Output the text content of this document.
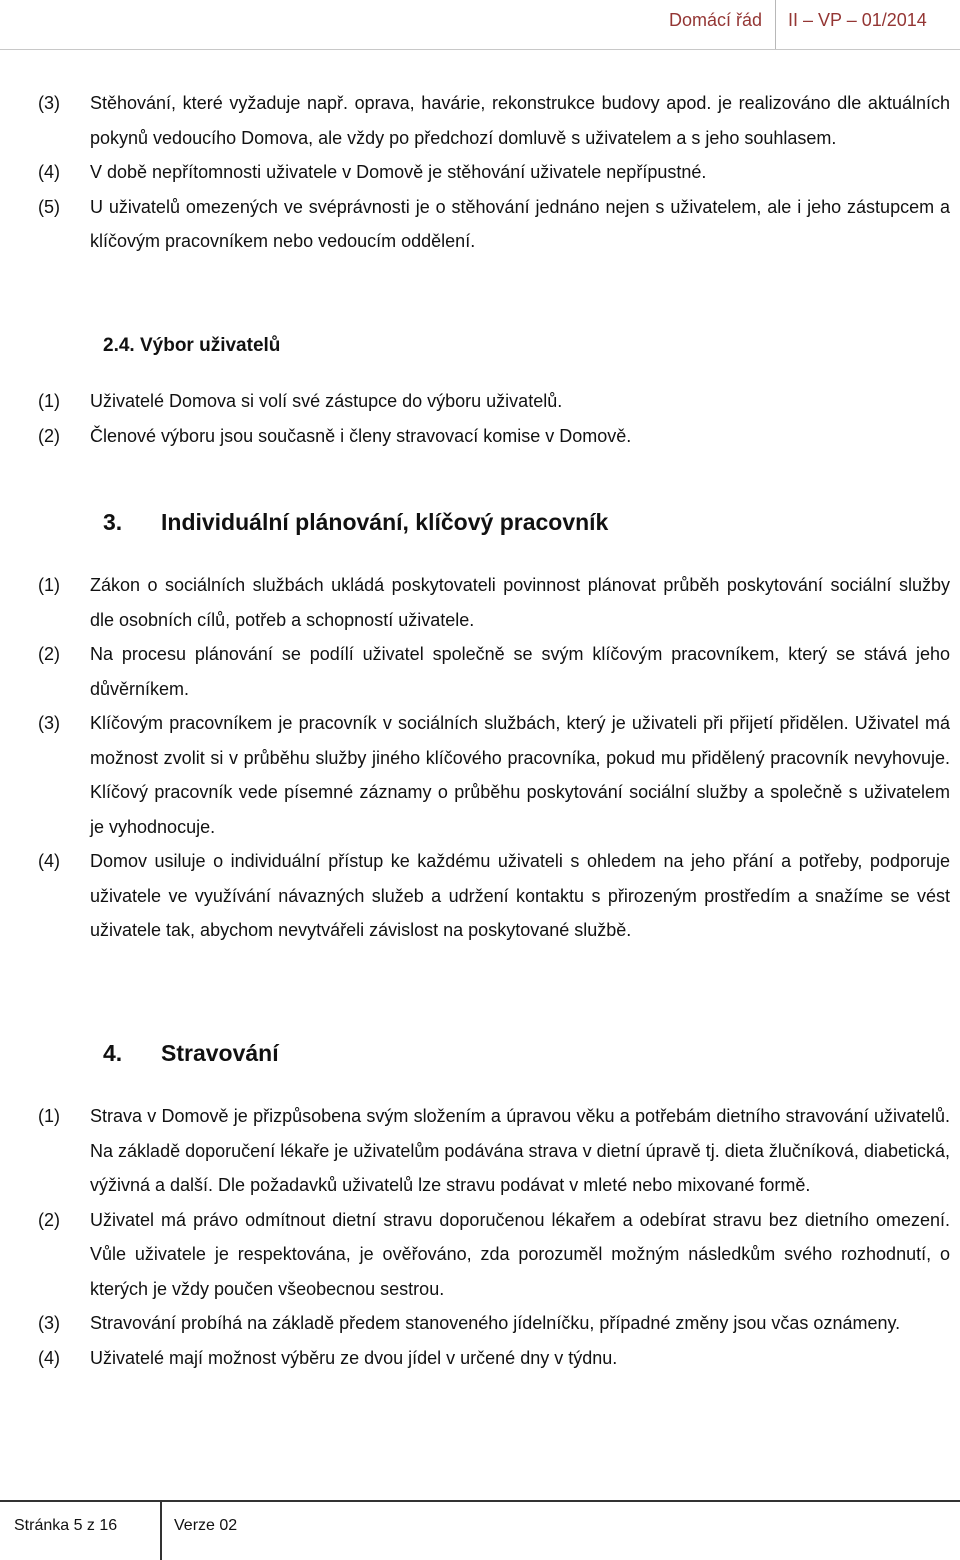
Domácí řád II – VP – 01/2014
(3)	Stěhování, které vyžaduje např. oprava, havárie, rekonstrukce budovy apod. je realizováno dle aktuálních pokynů vedoucího Domova, ale vždy po předchozí domluvě s uživatelem a s jeho souhlasem.
(4)	V době nepřítomnosti uživatele v Domově je stěhování uživatele nepřípustné.
(5)	U uživatelů omezených ve svéprávnosti je o stěhování jednáno nejen s uživatelem, ale i jeho zástupcem a klíčovým pracovníkem nebo vedoucím oddělení.
2.4. Výbor uživatelů
(1)	Uživatelé Domova si volí své zástupce do výboru uživatelů.
(2)	Členové výboru jsou současně i členy stravovací komise v Domově.
3.	Individuální plánování, klíčový pracovník
(1)	Zákon o sociálních službách ukládá poskytovateli povinnost plánovat průběh poskytování sociální služby dle osobních cílů, potřeb a schopností uživatele.
(2)	Na procesu plánování se podílí uživatel společně se svým klíčovým pracovníkem, který se stává jeho důvěrníkem.
(3)	Klíčovým pracovníkem je pracovník v sociálních službách, který je uživateli při přijetí přidělen. Uživatel má možnost zvolit si v průběhu služby jiného klíčového pracovníka, pokud mu přidělený pracovník nevyhovuje. Klíčový pracovník vede písemné záznamy o průběhu poskytování sociální služby a společně s uživatelem je vyhodnocuje.
(4)	Domov usiluje o individuální přístup ke každému uživateli s ohledem na jeho přání a potřeby, podporuje uživatele ve využívání návazných služeb a udržení kontaktu s přirozeným prostředím a snažíme se vést uživatele tak, abychom nevytvářeli závislost na poskytované službě.
4.	Stravování
(1)	Strava v Domově je přizpůsobena svým složením a úpravou věku a potřebám dietního stravování uživatelů. Na základě doporučení lékaře je uživatelům podávána strava v dietní úpravě tj. dieta žlučníková, diabetická, výživná a další. Dle požadavků uživatelů lze stravu podávat v mleté nebo mixované formě.
(2)	Uživatel má právo odmítnout dietní stravu doporučenou lékařem a odebírat stravu bez dietního omezení. Vůle uživatele je respektována, je ověřováno, zda porozuměl možným následkům svého rozhodnutí, o kterých je vždy poučen všeobecnou sestrou.
(3)	Stravování probíhá na základě předem stanoveného jídelníčku, případné změny jsou včas oznámeny.
(4)	Uživatelé mají možnost výběru ze dvou jídel v určené dny v týdnu.
Stránka 5 z 16	Verze 02
